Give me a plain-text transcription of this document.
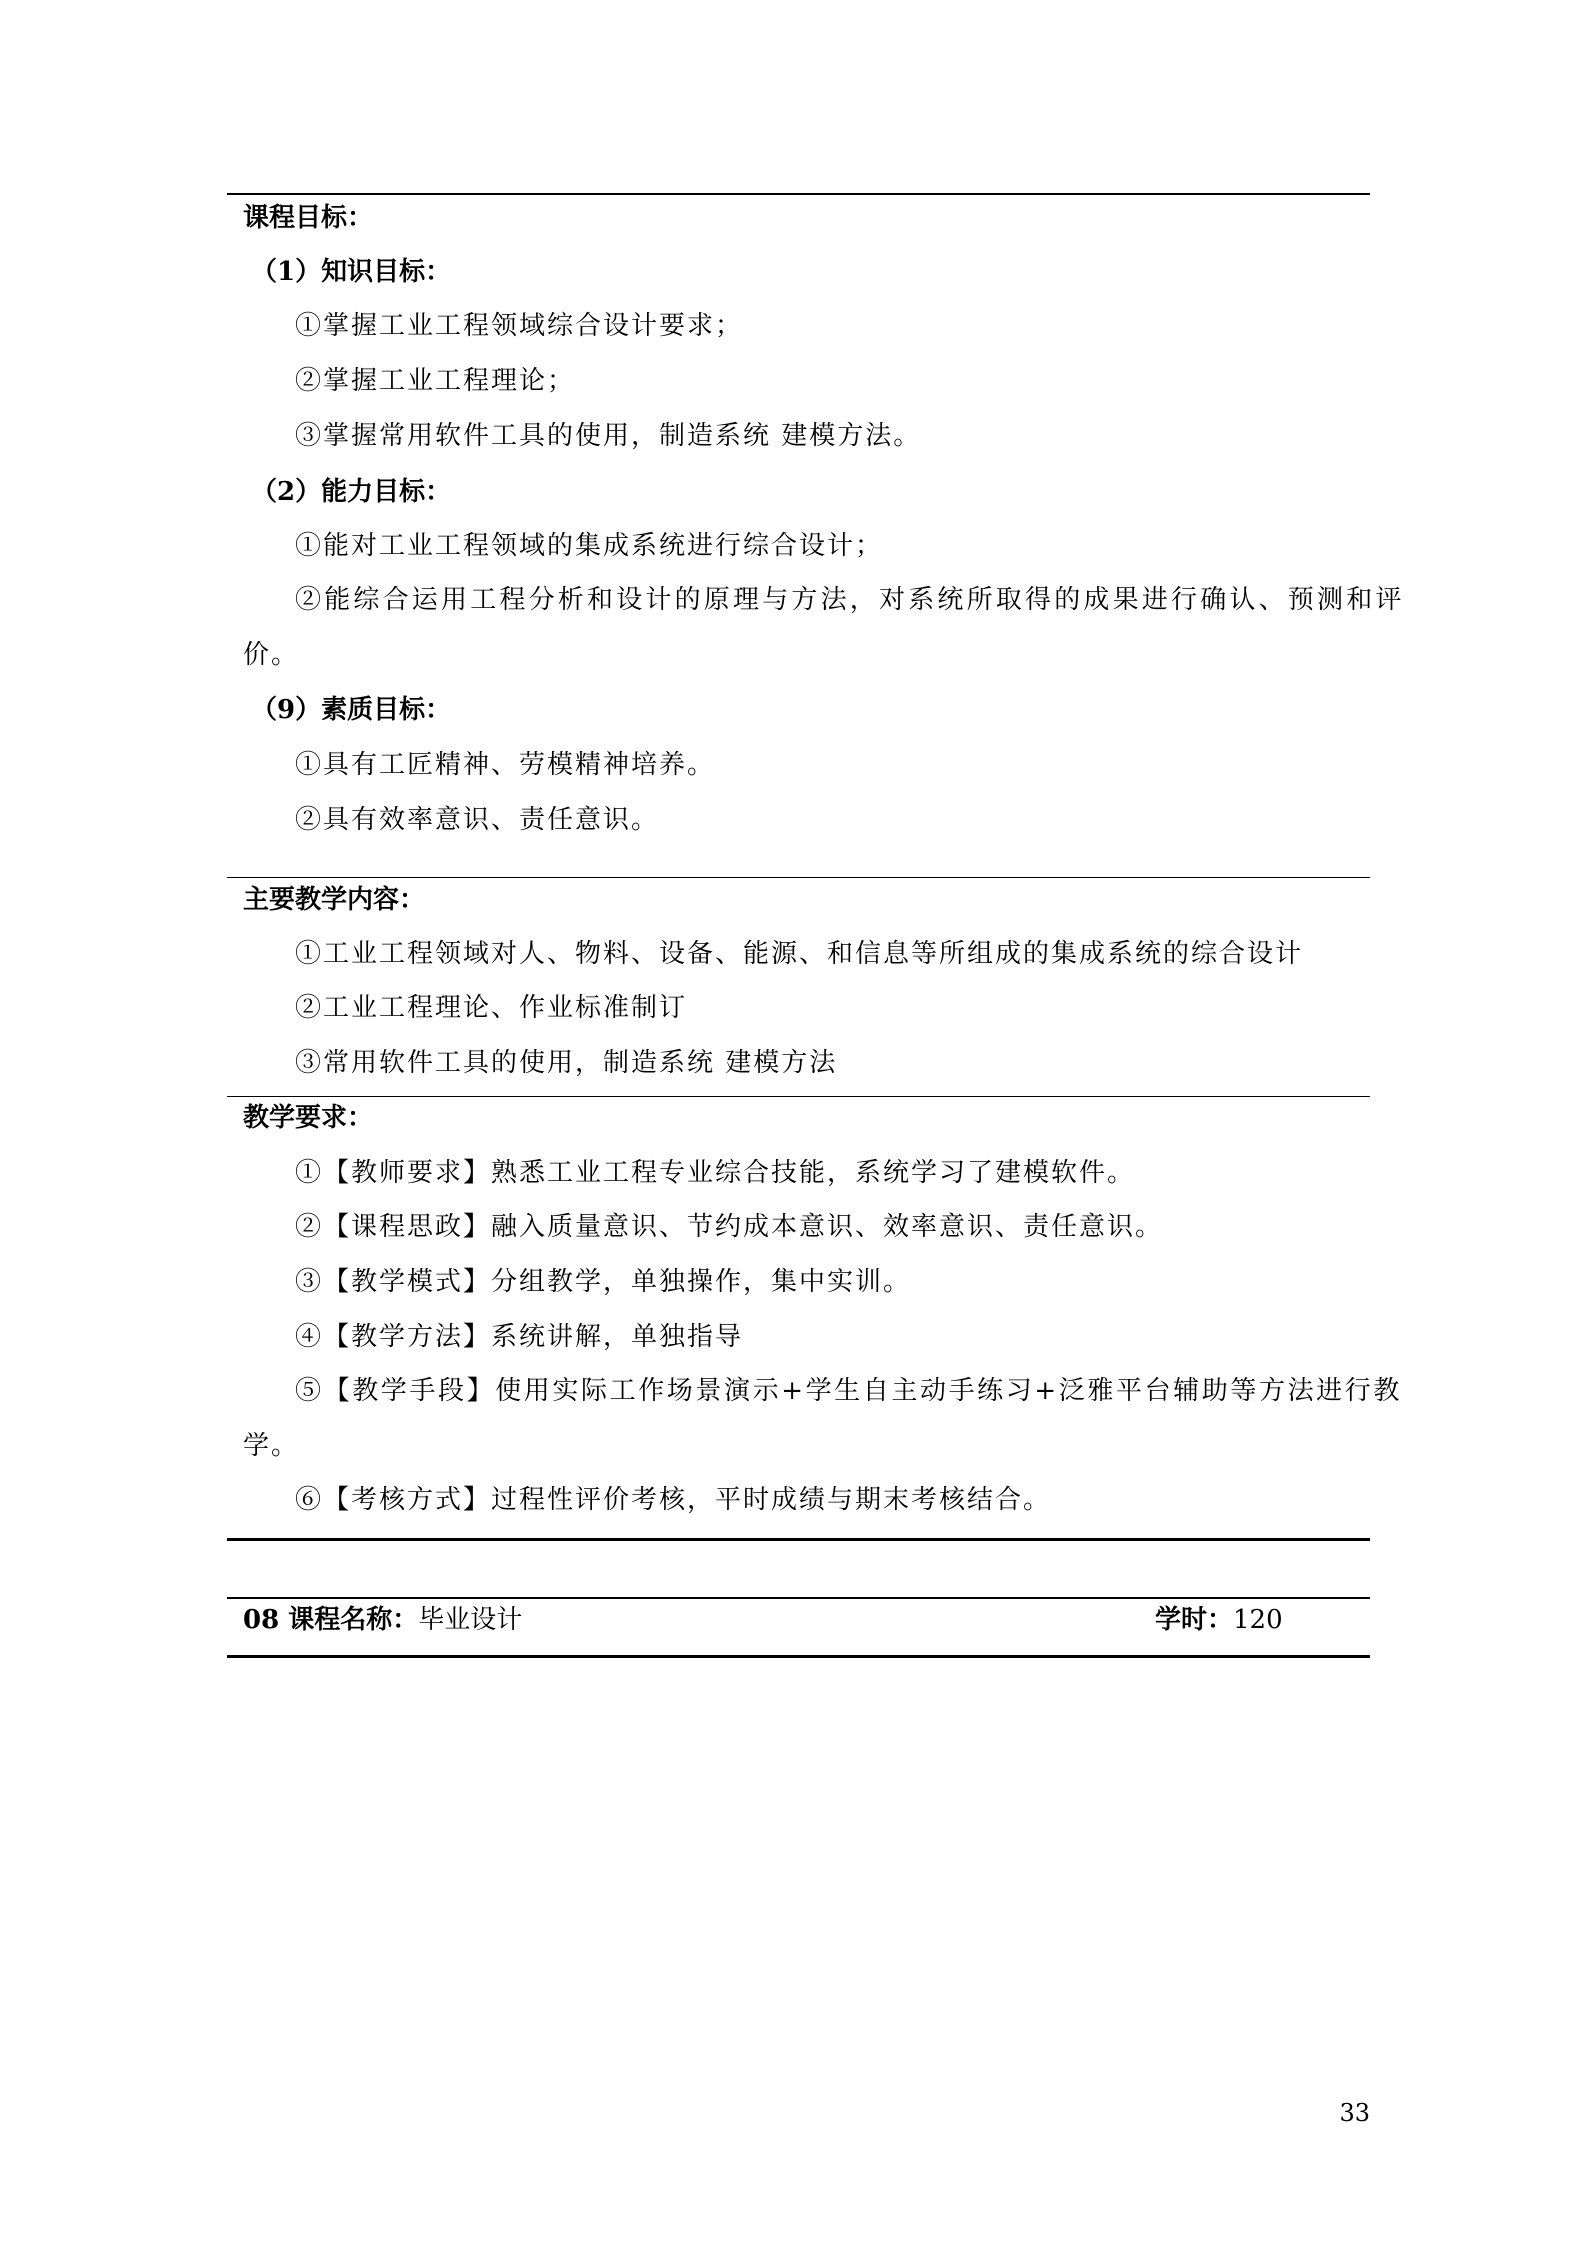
课程目标：
（1）知识目标：
①掌握工业工程领域综合设计要求；
②掌握工业工程理论；
③掌握常用软件工具的使用，制造系统 建模方法。
（2）能力目标：
①能对工业工程领域的集成系统进行综合设计；
②能综合运用工程分析和设计的原理与方法，对系统所取得的成果进行确认、预测和评
价。
（9）素质目标：
①具有工匠精神、劳模精神培养。
②具有效率意识、责任意识。
主要教学内容：
①工业工程领域对人、物料、设备、能源、和信息等所组成的集成系统的综合设计
②工业工程理论、作业标准制订
③常用软件工具的使用，制造系统 建模方法
教学要求：
①【教师要求】熟悉工业工程专业综合技能，系统学习了建模软件。
②【课程思政】融入质量意识、节约成本意识、效率意识、责任意识。
③【教学模式】分组教学，单独操作，集中实训。
④【教学方法】系统讲解，单独指导
⑤【教学手段】使用实际工作场景演示+学生自主动手练习+泛雅平台辅助等方法进行教
学。
⑥【考核方式】过程性评价考核，平时成绩与期末考核结合。
08 课程名称：毕业设计	学时：120
33
